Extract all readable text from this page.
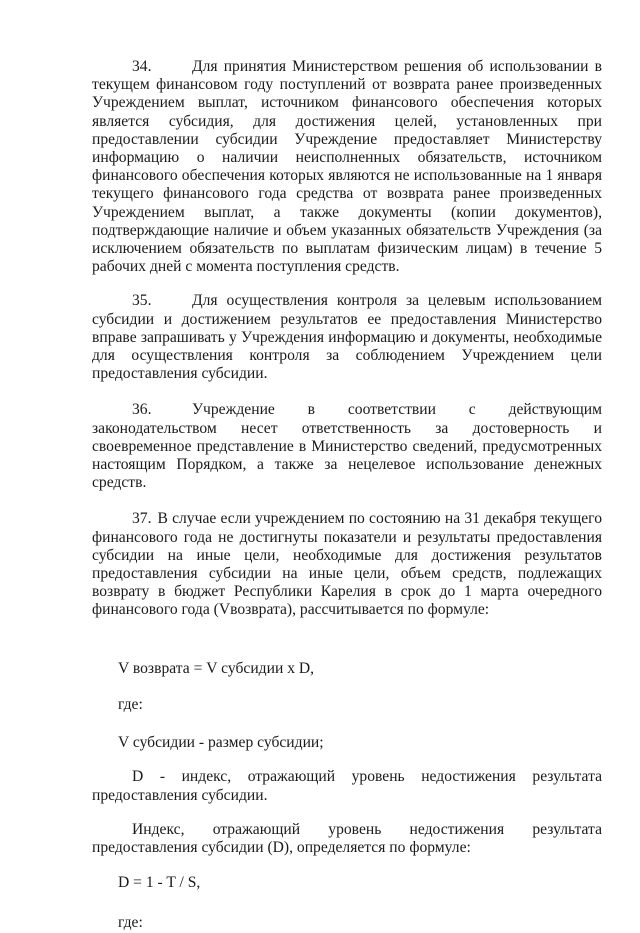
34.	Для принятия Министерством решения об использовании в текущем финансовом году поступлений от возврата ранее произведенных Учреждением выплат, источником финансового обеспечения которых является субсидия, для достижения целей, установленных при предоставлении субсидии Учреждение предоставляет Министерству информацию о наличии неисполненных обязательств, источником финансового обеспечения которых являются не использованные на 1 января текущего финансового года средства от возврата ранее произведенных Учреждением выплат, а также документы (копии документов), подтверждающие наличие и объем указанных обязательств Учреждения (за исключением обязательств по выплатам физическим лицам) в течение 5 рабочих дней с момента поступления средств.

35.	Для осуществления контроля за целевым использованием субсидии и достижением результатов ее предоставления Министерство вправе запрашивать у Учреждения информацию и документы, необходимые для осуществления контроля за соблюдением Учреждением цели предоставления субсидии.

36.	Учреждение в соответствии с действующим законодательством несет ответственность за достоверность и своевременное представление в Министерство сведений, предусмотренных настоящим Порядком, а также за нецелевое использование денежных средств.

37. В случае если учреждением по состоянию на 31 декабря текущего финансового года не достигнуты показатели и результаты предоставления субсидии на иные цели, необходимые для достижения результатов предоставления субсидии на иные цели, объем средств, подлежащих возврату в бюджет Республики Карелия в срок до 1 марта очередного финансового года (Vвозврата), рассчитывается по формуле:

V возврата = V субсидии x D,

где:

V субсидии - размер субсидии;

D - индекс, отражающий уровень недостижения результата предоставления субсидии.

Индекс, отражающий уровень недостижения результата предоставления субсидии (D), определяется по формуле:

D = 1 - T / S,

где:
